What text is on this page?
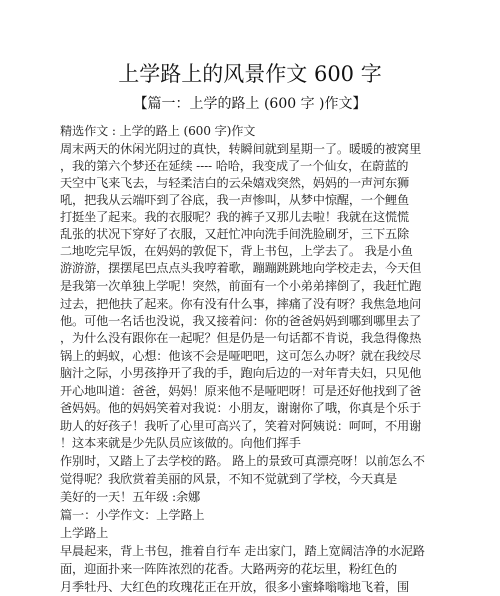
上学路上的风景作文 600 字
【篇一：上学的路上 (600 字 )作文】
精选作文 : 上学的路上 (600 字)作文
周末两天的休闲光阴过的真快，转瞬间就到星期一了。暖暖的被窝里
，我的第六个梦还在延续 ---- 哈哈，我变成了一个仙女，在蔚蓝的
天空中飞来飞去，与轻柔洁白的云朵嬉戏突然，妈妈的一声河东狮
吼，把我从云端吓到了谷底，我一声惨叫，从梦中惊醒，一个鲤鱼
打挺坐了起来。我的衣服呢？我的裤子又那儿去啦！我就在这慌慌
乱张的状况下穿好了衣服，又赶忙冲向洗手间洗脸刷牙，三下五除
二地吃完早饭，在妈妈的敦促下，背上书包，上学去了。 我是小鱼
游游游，摆摆尾巴点点头我哼着歌，蹦蹦跳跳地向学校走去，今天但
是我第一次单独上学呢！突然，前面有一个小弟弟摔倒了，我赶忙跑
过去，把他扶了起来。你有没有什么事，摔痛了没有呀？我焦急地问
他。可他一名话也没说，我又接着问：你的爸爸妈妈到哪到哪里去了
，为什么没有跟你在一起呢？但是仍是一句话都不肯说，我急得像热
锅上的蚂蚁，心想：他该不会是哑吧吧，这可怎么办呀？就在我绞尽
脑汁之际，小男孩挣开了我的手，跑向后边的一对年青夫妇，只见他
开心地叫道：爸爸，妈妈！原来他不是哑吧呀！可是还好他找到了爸
爸妈妈。他的妈妈笑着对我说：小朋友，谢谢你了哦，你真是个乐于
助人的好孩子！我听了心里可高兴了，笑着对阿姨说：呵呵，不用谢
！这本来就是少先队员应该做的。向他们挥手
作别时，又踏上了去学校的路。 路上的景致可真漂亮呀！以前怎么不
觉得呢？我欣赏着美丽的风景，不知不觉就到了学校，今天真是
美好的一天！五年级 :余娜
篇一：小学作文：上学路上
上学路上
早晨起来，背上书包，推着自行车 走出家门，踏上宽阔洁净的水泥路
面，迎面扑来一阵阵浓烈的花香。大路两旁的花坛里，粉红色的
月季牡丹、大红色的玫瑰花正在开放，很多小蜜蜂嗡嗡地飞着，围
